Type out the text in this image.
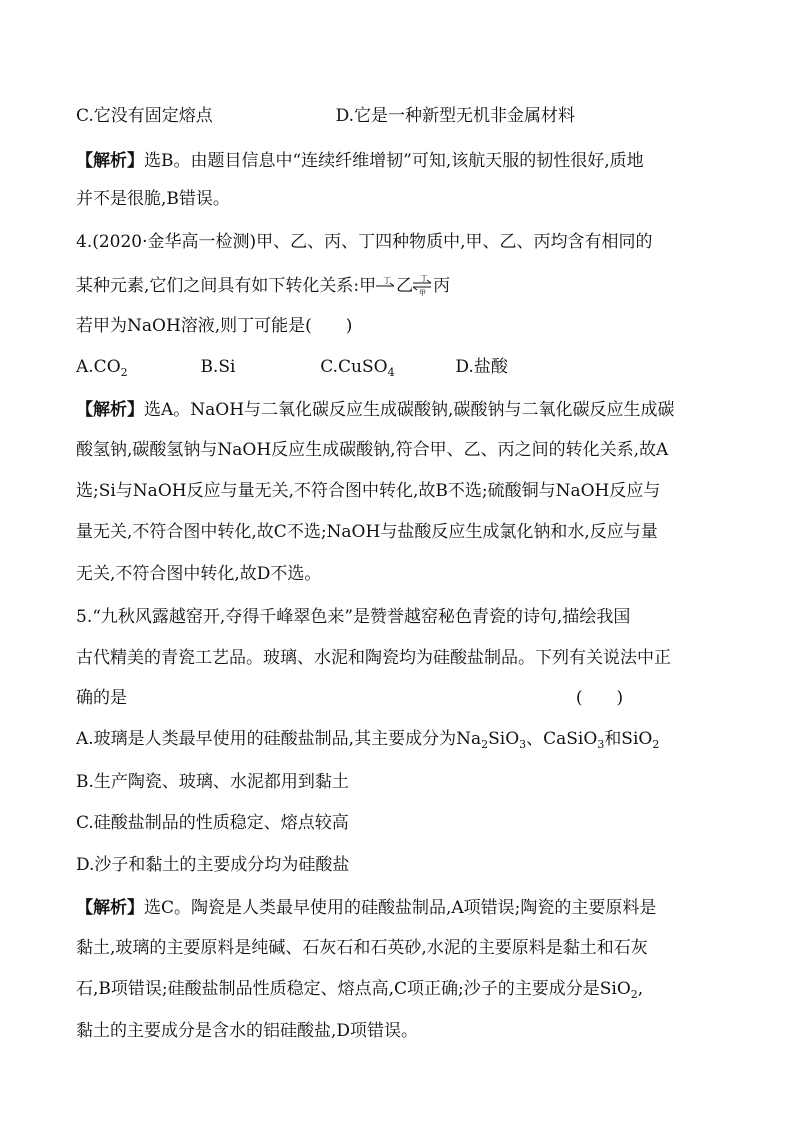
C.它没有固定熔点	D.它是一种新型无机非金属材料
【解析】选B。由题目信息中“连续纤维增韧”可知,该航天服的韧性很好,质地
并不是很脆,B错误。
4.(2020·金华高一检测)甲、乙、丙、丁四种物质中,甲、乙、丙均含有相同的
某种元素,它们之间具有如下转化关系:甲 丁 乙 丁
甲 丙
若甲为NaOH溶液,则丁可能是(　　)
$A.CO_2$	B.Si	C.CuSO$_4$	D.盐酸
【解析】选A。NaOH与二氧化碳反应生成碳酸钠,碳酸钠与二氧化碳反应生成碳
酸氢钠,碳酸氢钠与NaOH反应生成碳酸钠,符合甲、乙、丙之间的转化关系,故A
选;Si与NaOH反应与量无关,不符合图中转化,故B不选;硫酸铜与NaOH反应与
量无关,不符合图中转化,故C不选;NaOH与盐酸反应生成氯化钠和水,反应与量
无关,不符合图中转化,故D不选。
5.“九秋风露越窑开,夺得千峰翠色来”是赞誉越窑秘色青瓷的诗句,描绘我国
古代精美的青瓷工艺品。玻璃、水泥和陶瓷均为硅酸盐制品。下列有关说法中正
确的是	(　　)
A.玻璃是人类最早使用的硅酸盐制品,其主要成分为$Na_2SiO_3$、CaSiO$_3$和SiO$_2$
B.生产陶瓷、玻璃、水泥都用到黏土
C.硅酸盐制品的性质稳定、熔点较高
D.沙子和黏土的主要成分均为硅酸盐
【解析】选C。陶瓷是人类最早使用的硅酸盐制品,A项错误;陶瓷的主要原料是
黏土,玻璃的主要原料是纯碱、石灰石和石英砂,水泥的主要原料是黏土和石灰
石,B项错误;硅酸盐制品性质稳定、熔点高,C项正确;沙子的主要成分是SiO$_2$,
黏土的主要成分是含水的铝硅酸盐,D项错误。
